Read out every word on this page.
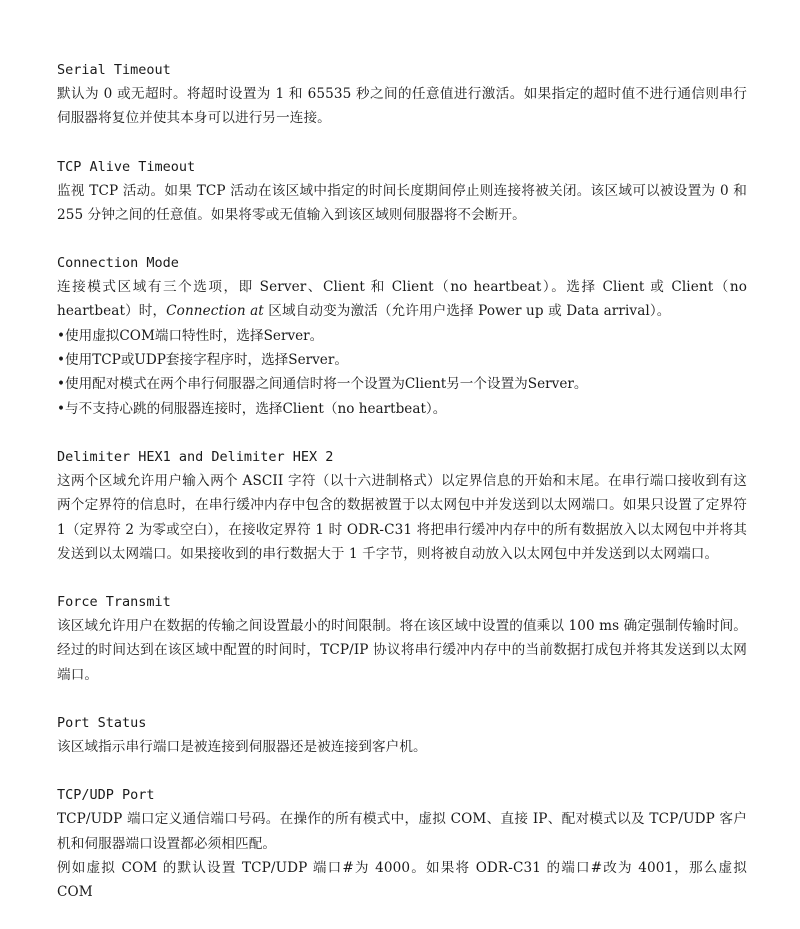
Serial Timeout
默认为 0 或无超时。将超时设置为 1 和 65535 秒之间的任意值进行激活。如果指定的超时值不进行通信则串行伺服器将复位并使其本身可以进行另一连接。
TCP Alive Timeout
监视 TCP 活动。如果 TCP 活动在该区域中指定的时间长度期间停止则连接将被关闭。该区域可以被设置为 0 和 255 分钟之间的任意值。如果将零或无值输入到该区域则伺服器将不会断开。
Connection Mode
连接模式区域有三个选项，即 Server、Client 和 Client（no heartbeat）。选择 Client 或 Client（no heartbeat）时，Connection at 区域自动变为激活（允许用户选择 Power up 或 Data arrival）。
•使用虚拟COM端口特性时，选择Server。
•使用TCP或UDP套接字程序时，选择Server。
•使用配对模式在两个串行伺服器之间通信时将一个设置为Client另一个设置为Server。
•与不支持心跳的伺服器连接时，选择Client（no heartbeat）。
Delimiter HEX1 and Delimiter HEX 2
这两个区域允许用户输入两个 ASCII 字符（以十六进制格式）以定界信息的开始和末尾。在串行端口接收到有这两个定界符的信息时，在串行缓冲内存中包含的数据被置于以太网包中并发送到以太网端口。如果只设置了定界符 1（定界符 2 为零或空白），在接收定界符 1 时 ODR-C31 将把串行缓冲内存中的所有数据放入以太网包中并将其发送到以太网端口。如果接收到的串行数据大于 1 千字节，则将被自动放入以太网包中并发送到以太网端口。
Force Transmit
该区域允许用户在数据的传输之间设置最小的时间限制。将在该区域中设置的值乘以 100 ms 确定强制传输时间。经过的时间达到在该区域中配置的时间时，TCP/IP 协议将串行缓冲内存中的当前数据打成包并将其发送到以太网端口。
Port Status
该区域指示串行端口是被连接到伺服器还是被连接到客户机。
TCP/UDP Port
TCP/UDP 端口定义通信端口号码。在操作的所有模式中，虚拟 COM、直接 IP、配对模式以及 TCP/UDP 客户机和伺服器端口设置都必须相匹配。
例如虚拟 COM 的默认设置 TCP/UDP 端口#为 4000。如果将 ODR-C31 的端口#改为 4001，那么虚拟 COM
